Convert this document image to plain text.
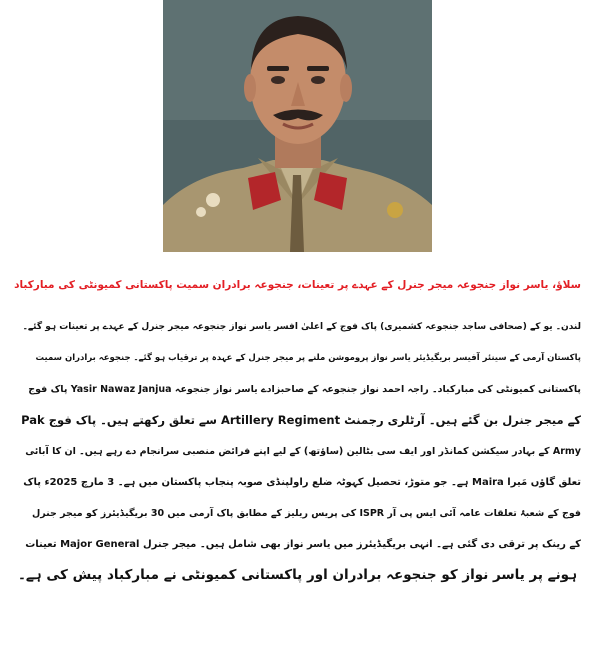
سلاؤ، یاسر نواز جنجوعہ میجر جنرل کے عہدے پر تعینات، جنجوعہ برادران سمیت پاکستانی کمیونٹی کی مبارکباد
لندن۔ یو کے (صحافی ساجد جنجوعہ کشمیری) پاک فوج کے اعلیٰ افسر یاسر نواز جنجوعہ میجر جنرل کے عہدے پر تعینات ہو گئے۔
پاکستان آرمی کے سینئر آفیسر بریگیڈیئر یاسر نواز پروموشن ملنے پر میجر جنرل کے عہدہ پر ترقیاب ہو گئے۔ جنجوعہ برادران سمیت
پاکستانی کمیونٹی کی مبارکباد۔ راجہ احمد نواز جنجوعہ کے صاحبزادے یاسر نواز جنجوعہ Yasir Nawaz Janjua پاک فوج
کے میجر جنرل بن گئے ہیں۔ آرٹلری رجمنٹ Artillery Regiment سے تعلق رکھتے ہیں۔ پاک فوج Pak
Army کے بہادر سیکشن کمانڈر اور ایف سی بٹالین (ساؤتھ) کے لیے اپنے فرائض منصبی سرانجام دے رہے ہیں۔ ان کا آبائی
تعلق گاؤں مَیرا Maira ہے۔ جو متوڑ، تحصیل کہوٹہ ضلع راولپنڈی صوبہ پنجاب پاکستان میں ہے۔ 3 مارچ 2025ء پاک
فوج کے شعبۂ تعلقات عامہ آئی ایس پی آر ISPR کی پریس ریلیز کے مطابق پاک آرمی میں 30 بریگیڈیئرز کو میجر جنرل
کے رینک پر ترقی دی گئی ہے۔ انہی بریگیڈیئرز میں یاسر نواز بھی شامل ہیں۔ میجر جنرل Major General تعینات
ہونے پر یاسر نواز کو جنجوعہ برادران اور پاکستانی کمیونٹی نے مبارکباد پیش کی ہے۔
